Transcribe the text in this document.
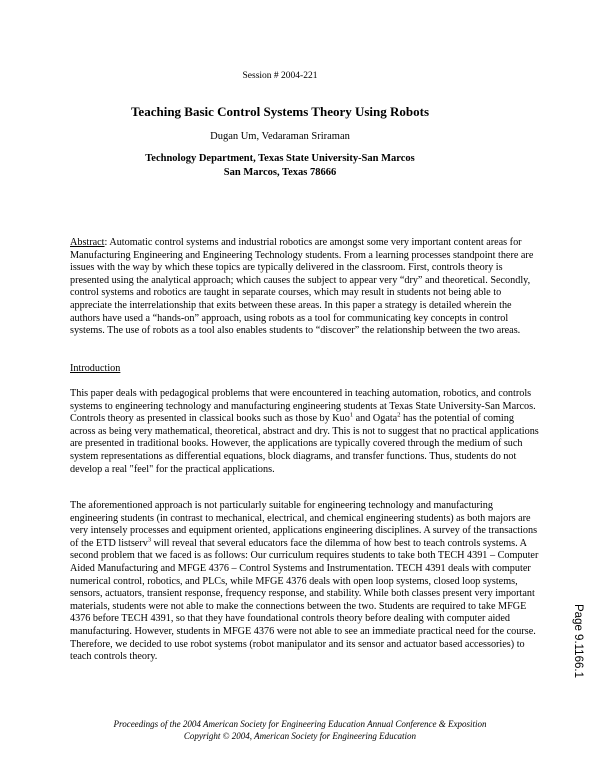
Session # 2004-221
Teaching Basic Control Systems Theory Using Robots
Dugan Um, Vedaraman Sriraman
Technology Department, Texas State University-San Marcos
San Marcos, Texas 78666
Abstract: Automatic control systems and industrial robotics are amongst some very important content areas for Manufacturing Engineering and Engineering Technology students. From a learning processes standpoint there are issues with the way by which these topics are typically delivered in the classroom. First, controls theory is presented using the analytical approach; which causes the subject to appear very “dry” and theoretical. Secondly, control systems and robotics are taught in separate courses, which may result in students not being able to appreciate the interrelationship that exits between these areas. In this paper a strategy is detailed wherein the authors have used a “hands-on” approach, using robots as a tool for communicating key concepts in control systems. The use of robots as a tool also enables students to “discover” the relationship between the two areas.
Introduction
This paper deals with pedagogical problems that were encountered in teaching automation, robotics, and controls systems to engineering technology and manufacturing engineering students at Texas State University-San Marcos. Controls theory as presented in classical books such as those by Kuo$^1$ and Ogata$^2$ has the potential of coming across as being very mathematical, theoretical, abstract and dry. This is not to suggest that no practical applications are presented in traditional books. However, the applications are typically covered through the medium of such system representations as differential equations, block diagrams, and transfer functions. Thus, students do not develop a real "feel" for the practical applications.
The aforementioned approach is not particularly suitable for engineering technology and manufacturing engineering students (in contrast to mechanical, electrical, and chemical engineering students) as both majors are very intensely processes and equipment oriented, applications engineering disciplines. A survey of the transactions of the ETD listserv$^3$ will reveal that several educators face the dilemma of how best to teach controls systems. A second problem that we faced is as follows: Our curriculum requires students to take both TECH 4391 – Computer Aided Manufacturing and MFGE 4376 – Control Systems and Instrumentation. TECH 4391 deals with computer numerical control, robotics, and PLCs, while MFGE 4376 deals with open loop systems, closed loop systems, sensors, actuators, transient response, frequency response, and stability. While both classes present very important materials, students were not able to make the connections between the two. Students are required to take MFGE 4376 before TECH 4391, so that they have foundational controls theory before dealing with computer aided manufacturing. However, students in MFGE 4376 were not able to see an immediate practical need for the course. Therefore, we decided to use robot systems (robot manipulator and its sensor and actuator based accessories) to teach controls theory.
Proceedings of the 2004 American Society for Engineering Education Annual Conference & Exposition
Copyright © 2004, American Society for Engineering Education
Page 9.1166.1
